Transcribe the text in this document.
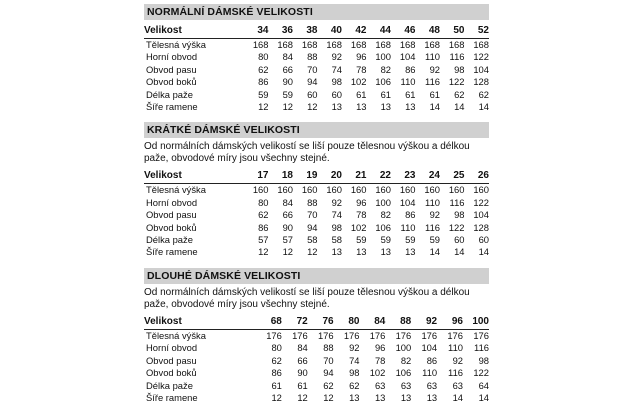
NORMÁLNÍ DÁMSKÉ VELIKOSTI
Velikost	34	36	38	40	42	44	46	48	50	52
Tělesná výška	168	168	168	168	168	168	168	168	168	168
Horní obvod	80	84	88	92	96	100	104	110	116	122
Obvod pasu	62	66	70	74	78	82	86	92	98	104
Obvod boků	86	90	94	98	102	106	110	116	122	128
Délka paže	59	59	60	60	61	61	61	61	62	62
Šíře ramene	12	12	12	13	13	13	13	14	14	14
KRÁTKÉ DÁMSKÉ VELIKOSTI
Od normálních dámských velikostí se liší pouze tělesnou výškou a délkou paže, obvodové míry jsou všechny stejné.
Velikost	17	18	19	20	21	22	23	24	25	26
Tělesná výška	160	160	160	160	160	160	160	160	160	160
Horní obvod	80	84	88	92	96	100	104	110	116	122
Obvod pasu	62	66	70	74	78	82	86	92	98	104
Obvod boků	86	90	94	98	102	106	110	116	122	128
Délka paže	57	57	58	58	59	59	59	59	60	60
Šíře ramene	12	12	12	13	13	13	13	14	14	14
DLOUHÉ DÁMSKÉ VELIKOSTI
Od normálních dámských velikostí se liší pouze tělesnou výškou a délkou paže, obvodové míry jsou všechny stejné.
Velikost	68	72	76	80	84	88	92	96	100
Tělesná výška	176	176	176	176	176	176	176	176	176
Horní obvod	80	84	88	92	96	100	104	110	116
Obvod pasu	62	66	70	74	78	82	86	92	98
Obvod boků	86	90	94	98	102	106	110	116	122
Délka paže	61	61	62	62	63	63	63	63	64
Šíře ramene	12	12	12	13	13	13	13	14	14
